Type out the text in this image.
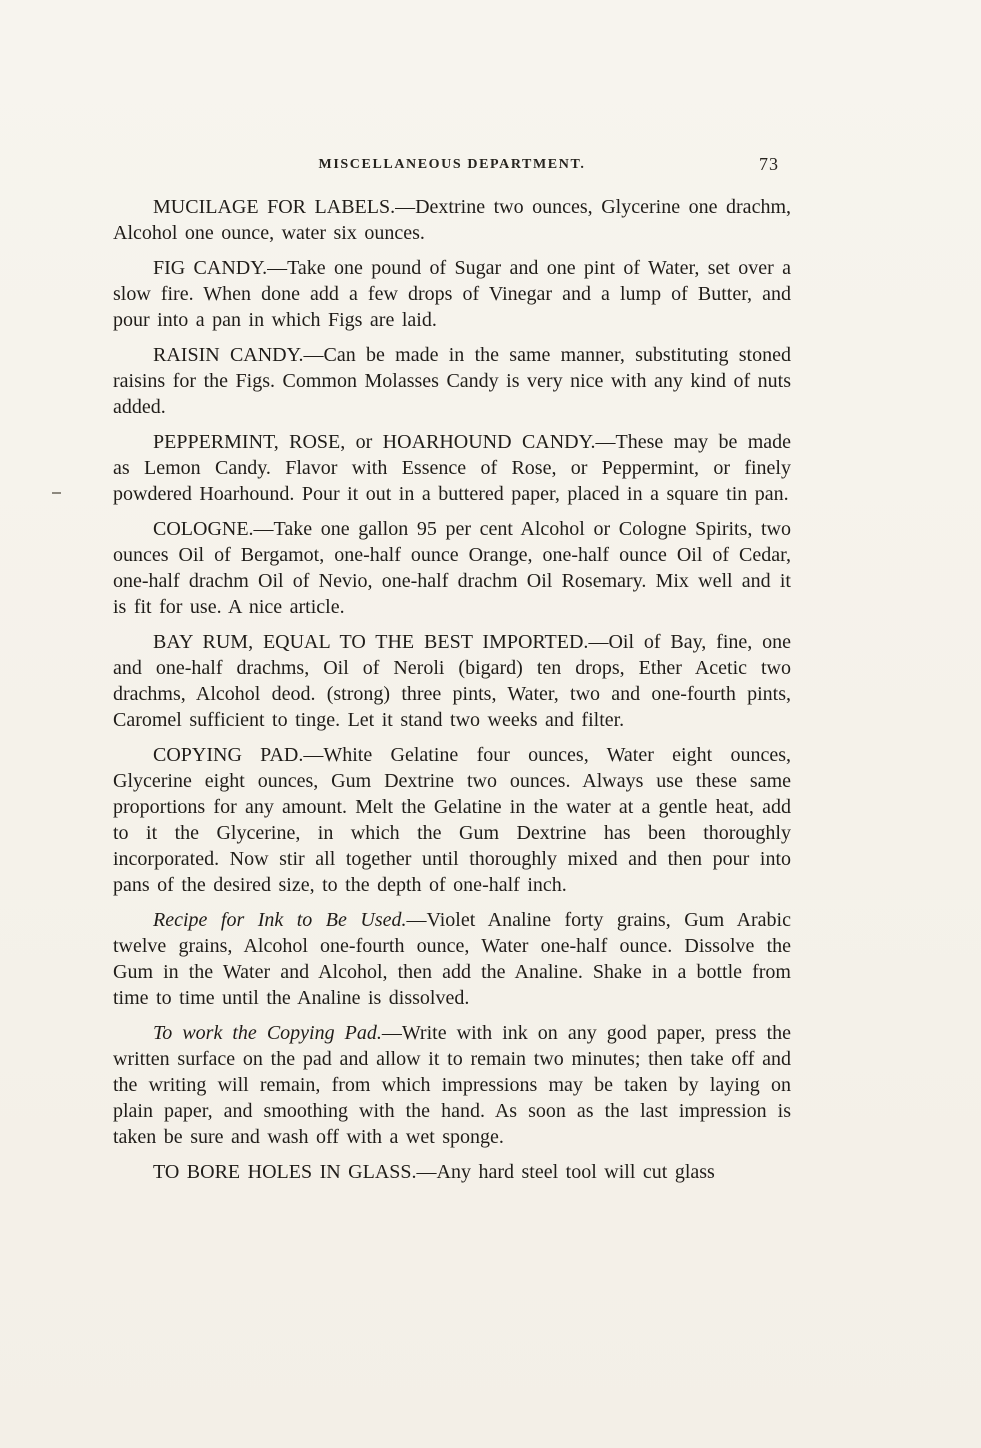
MISCELLANEOUS DEPARTMENT.	73

MUCILAGE FOR LABELS.—Dextrine two ounces, Glycerine one drachm, Alcohol one ounce, water six ounces.

FIG CANDY.—Take one pound of Sugar and one pint of Water, set over a slow fire. When done add a few drops of Vinegar and a lump of Butter, and pour into a pan in which Figs are laid.

RAISIN CANDY.—Can be made in the same manner, substituting stoned raisins for the Figs. Common Molasses Candy is very nice with any kind of nuts added.

PEPPERMINT, ROSE, or HOARHOUND CANDY.—These may be made as Lemon Candy. Flavor with Essence of Rose, or Peppermint, or finely powdered Hoarhound. Pour it out in a buttered paper, placed in a square tin pan.

COLOGNE.—Take one gallon 95 per cent Alcohol or Cologne Spirits, two ounces Oil of Bergamot, one-half ounce Orange, one-half ounce Oil of Cedar, one-half drachm Oil of Nevio, one-half drachm Oil Rosemary. Mix well and it is fit for use. A nice article.

BAY RUM, EQUAL TO THE BEST IMPORTED.—Oil of Bay, fine, one and one-half drachms, Oil of Neroli (bigard) ten drops, Ether Acetic two drachms, Alcohol deod. (strong) three pints, Water, two and one-fourth pints, Caromel sufficient to tinge. Let it stand two weeks and filter.

COPYING PAD.—White Gelatine four ounces, Water eight ounces, Glycerine eight ounces, Gum Dextrine two ounces. Always use these same proportions for any amount. Melt the Gelatine in the water at a gentle heat, add to it the Glycerine, in which the Gum Dextrine has been thoroughly incorporated. Now stir all together until thoroughly mixed and then pour into pans of the desired size, to the depth of one-half inch.

Recipe for Ink to Be Used.—Violet Analine forty grains, Gum Arabic twelve grains, Alcohol one-fourth ounce, Water one-half ounce. Dissolve the Gum in the Water and Alcohol, then add the Analine. Shake in a bottle from time to time until the Analine is dissolved.

To work the Copying Pad.—Write with ink on any good paper, press the written surface on the pad and allow it to remain two minutes; then take off and the writing will remain, from which impressions may be taken by laying on plain paper, and smoothing with the hand. As soon as the last impression is taken be sure and wash off with a wet sponge.

TO BORE HOLES IN GLASS.—Any hard steel tool will cut glass
